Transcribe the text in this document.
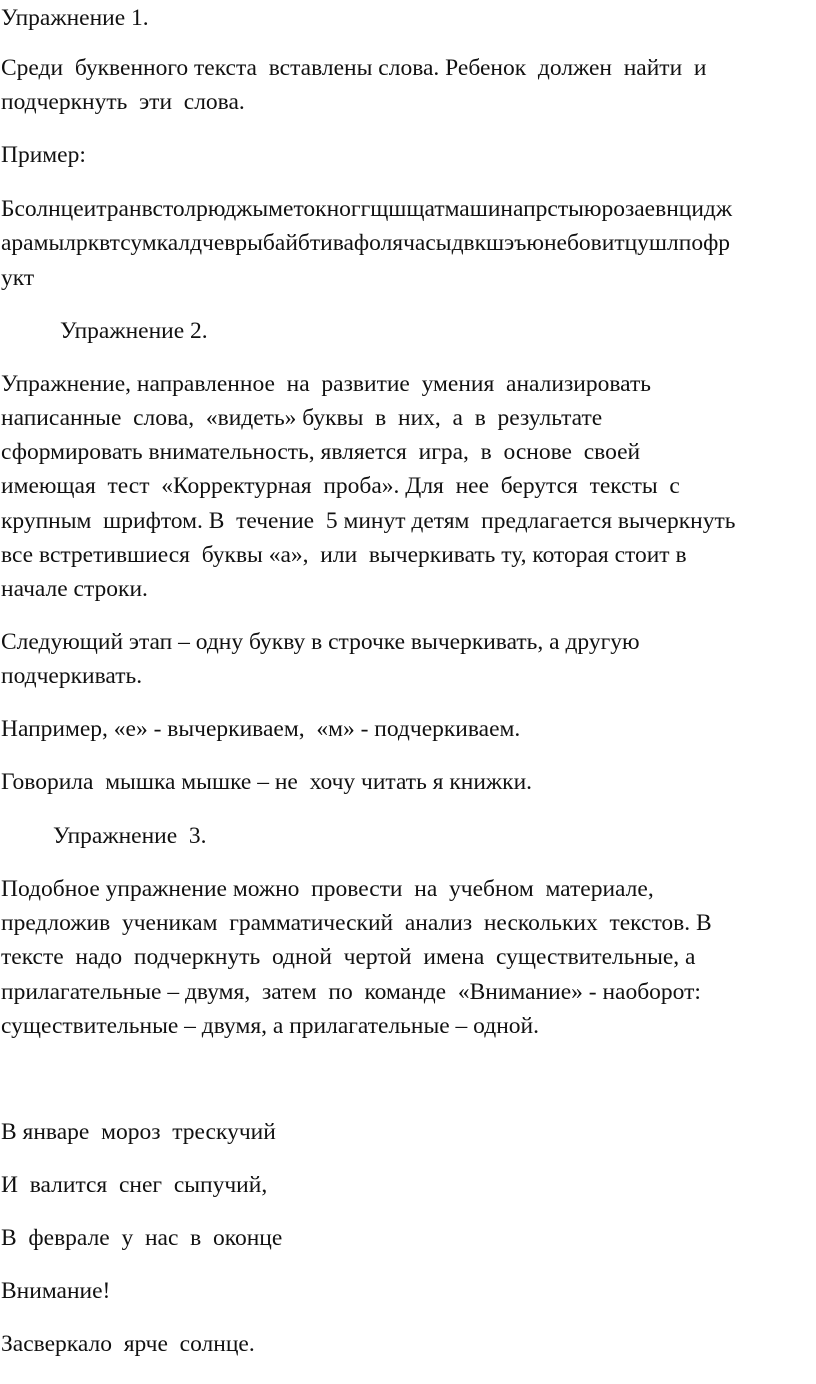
Упражнение 1.

Среди  буквенного текста  вставлены слова. Ребенок  должен  найти  и

подчеркнуть  эти  слова.

Пример:

Бсолнцеитранвстолрюджыметокноггщшщатмашинапрстыюрозаевнцидж

арамылрквтсумкалдчеврыбайбтивафолячасыдвкшэъюнебовитцушлпофр

укт

Упражнение 2.

Упражнение, направленное  на  развитие  умения  анализировать

написанные  слова,  «видеть» буквы  в  них,  а  в  результате

сформировать внимательность, является  игра,  в  основе  своей

имеющая  тест  «Корректурная  проба». Для  нее  берутся  тексты  с

крупным  шрифтом. В  течение  5 минут детям  предлагается вычеркнуть

все встретившиеся  буквы «а»,  или  вычеркивать ту, которая стоит в

начале строки.

Следующий этап – одну букву в строчке вычеркивать, а другую

подчеркивать.

Например, «е» - вычеркиваем,  «м» - подчеркиваем.

Говорила  мышка мышке – не  хочу читать я книжки.

Упражнение  3.

Подобное упражнение можно  провести  на  учебном  материале,

предложив  ученикам  грамматический  анализ  нескольких  текстов. В

тексте  надо  подчеркнуть  одной  чертой  имена  существительные, а

прилагательные – двумя,  затем  по  команде  «Внимание» - наоборот:

существительные – двумя, а прилагательные – одной.

В январе  мороз  трескучий

И  валится  снег  сыпучий,

В  феврале  у  нас  в  оконце

Внимание!

Засверкало  ярче  солнце.
